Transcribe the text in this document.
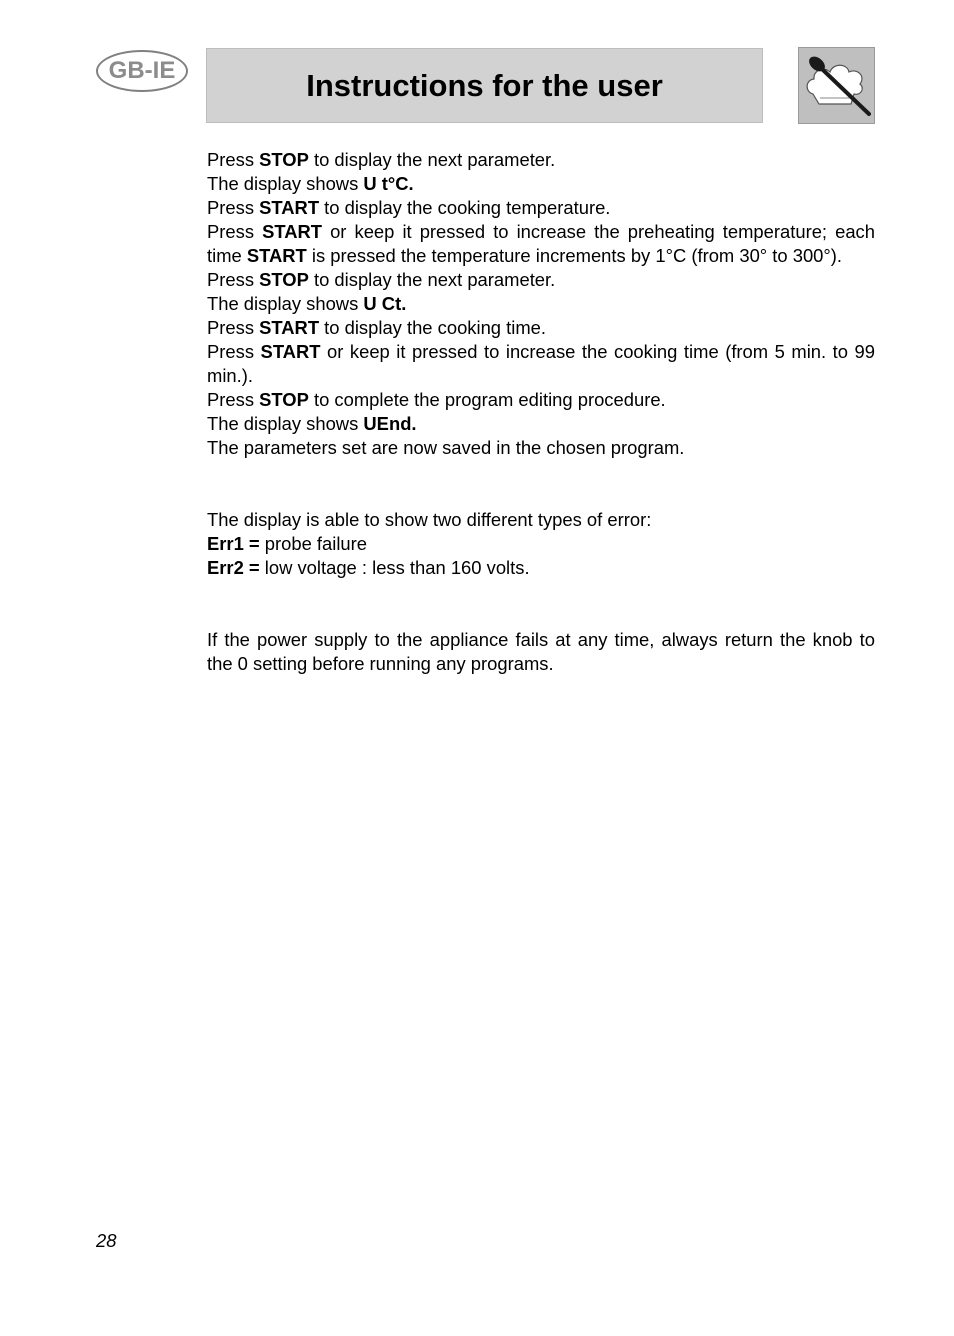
GB-IE	Instructions for the user

Press STOP to display the next parameter.

The display shows U t°C.

Press START to display the cooking temperature.

Press START or keep it pressed to increase the preheating temperature; each time START is pressed the temperature increments by 1°C (from 30° to 300°).

Press STOP to display the next parameter.

The display shows U Ct.

Press START to display the cooking time.

Press START or keep it pressed to increase the cooking time (from 5 min. to 99 min.).

Press STOP to complete the program editing procedure.

The display shows UEnd.

The parameters set are now saved in the chosen program.

The display is able to show two different types of error:

Err1 = probe failure

Err2 = low voltage : less than 160 volts.

If the power supply to the appliance fails at any time, always return the knob to the 0 setting before running any programs.

28
